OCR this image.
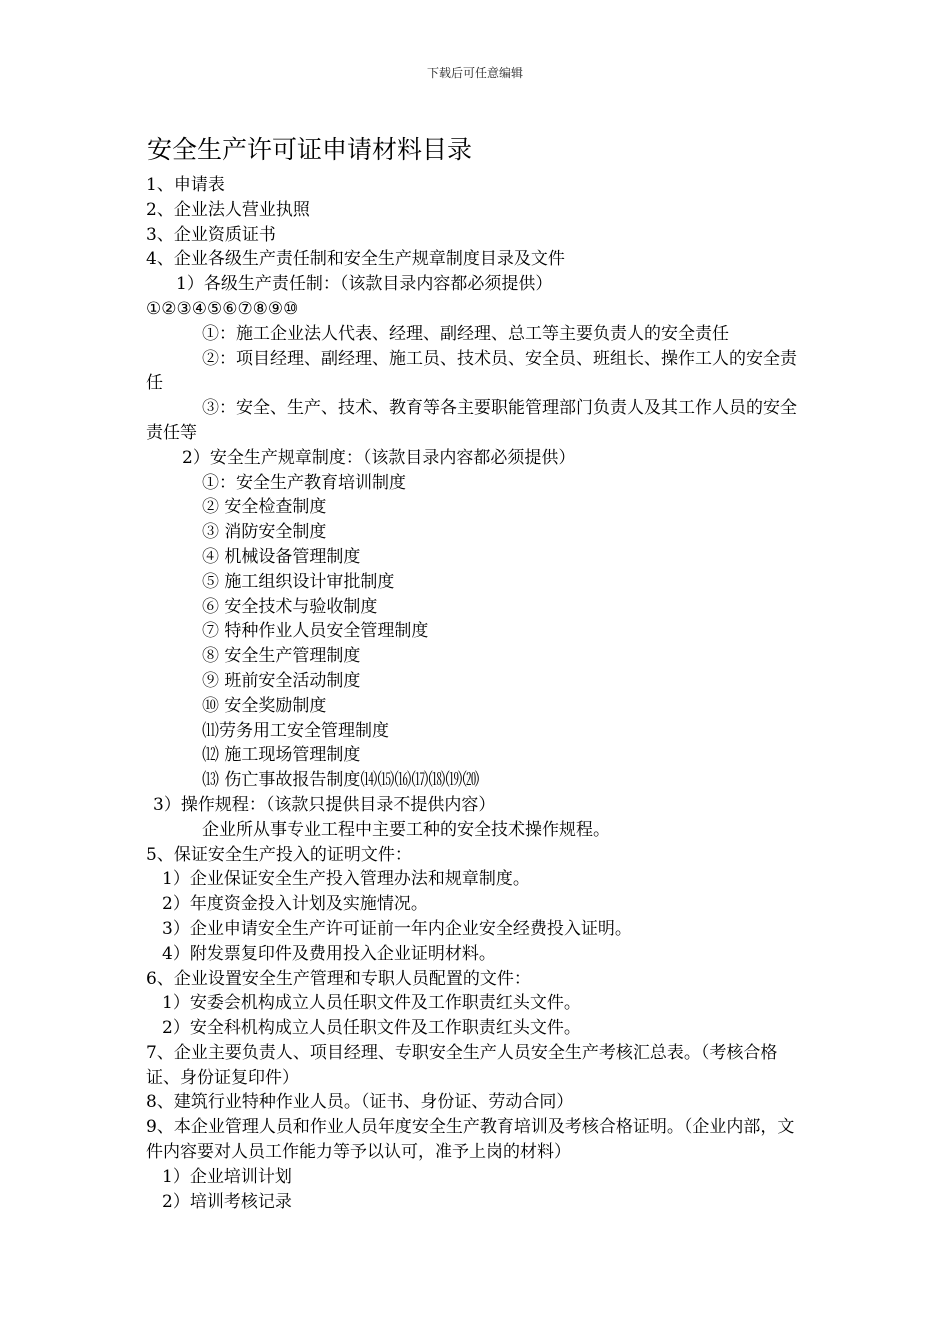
下载后可任意编辑
安全生产许可证申请材料目录
1、申请表
2、企业法人营业执照
3、企业资质证书
4、企业各级生产责任制和安全生产规章制度目录及文件
1）各级生产责任制：（该款目录内容都必须提供）
①②③④⑤⑥⑦⑧⑨⑩
①：施工企业法人代表、经理、副经理、总工等主要负责人的安全责任
②：项目经理、副经理、施工员、技术员、安全员、班组长、操作工人的安全责任
③：安全、生产、技术、教育等各主要职能管理部门负责人及其工作人员的安全责任等
2）安全生产规章制度：（该款目录内容都必须提供）
①：安全生产教育培训制度
② 安全检查制度
③ 消防安全制度
④ 机械设备管理制度
⑤ 施工组织设计审批制度
⑥ 安全技术与验收制度
⑦ 特种作业人员安全管理制度
⑧ 安全生产管理制度
⑨ 班前安全活动制度
⑩ 安全奖励制度
⑾劳务用工安全管理制度
⑿ 施工现场管理制度
⒀ 伤亡事故报告制度⒁⒂⒃⒄⒅⒆⒇
3）操作规程：（该款只提供目录不提供内容）
企业所从事专业工程中主要工种的安全技术操作规程。
5、保证安全生产投入的证明文件：
1）企业保证安全生产投入管理办法和规章制度。
2）年度资金投入计划及实施情况。
3）企业申请安全生产许可证前一年内企业安全经费投入证明。
4）附发票复印件及费用投入企业证明材料。
6、企业设置安全生产管理和专职人员配置的文件：
1）安委会机构成立人员任职文件及工作职责红头文件。
2）安全科机构成立人员任职文件及工作职责红头文件。
7、企业主要负责人、项目经理、专职安全生产人员安全生产考核汇总表。（考核合格证、身份证复印件）
8、建筑行业特种作业人员。（证书、身份证、劳动合同）
9、本企业管理人员和作业人员年度安全生产教育培训及考核合格证明。（企业内部，文件内容要对人员工作能力等予以认可，准予上岗的材料）
1）企业培训计划
2）培训考核记录
